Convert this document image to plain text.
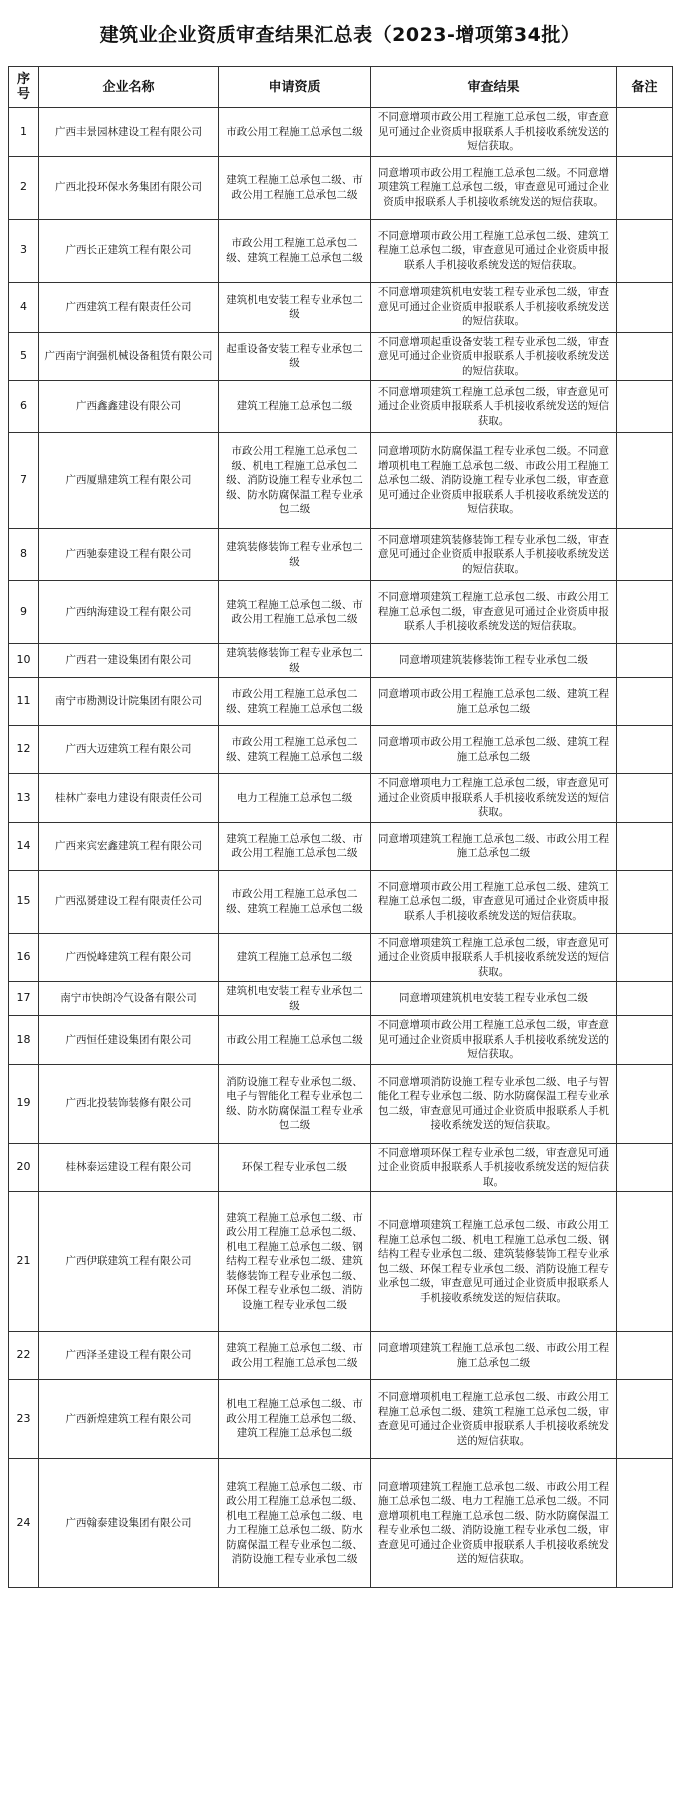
建筑业企业资质审查结果汇总表（2023-增项第34批）
序号	企业名称	申请资质	审查结果	备注
1	广西丰景园林建设工程有限公司	市政公用工程施工总承包二级	不同意增项市政公用工程施工总承包二级，审查意见可通过企业资质申报联系人手机接收系统发送的短信获取。	
2	广西北投环保水务集团有限公司	建筑工程施工总承包二级、市政公用工程施工总承包二级	同意增项市政公用工程施工总承包二级。不同意增项建筑工程施工总承包二级，审查意见可通过企业资质申报联系人手机接收系统发送的短信获取。	
3	广西长正建筑工程有限公司	市政公用工程施工总承包二级、建筑工程施工总承包二级	不同意增项市政公用工程施工总承包二级、建筑工程施工总承包二级，审查意见可通过企业资质申报联系人手机接收系统发送的短信获取。	
4	广西建筑工程有限责任公司	建筑机电安装工程专业承包二级	不同意增项建筑机电安装工程专业承包二级，审查意见可通过企业资质申报联系人手机接收系统发送的短信获取。	
5	广西南宁润强机械设备租赁有限公司	起重设备安装工程专业承包二级	不同意增项起重设备安装工程专业承包二级，审查意见可通过企业资质申报联系人手机接收系统发送的短信获取。	
6	广西鑫鑫建设有限公司	建筑工程施工总承包二级	不同意增项建筑工程施工总承包二级，审查意见可通过企业资质申报联系人手机接收系统发送的短信获取。	
7	广西厦鼎建筑工程有限公司	市政公用工程施工总承包二级、机电工程施工总承包二级、消防设施工程专业承包二级、防水防腐保温工程专业承包二级	同意增项防水防腐保温工程专业承包二级。不同意增项机电工程施工总承包二级、市政公用工程施工总承包二级、消防设施工程专业承包二级，审查意见可通过企业资质申报联系人手机接收系统发送的短信获取。	
8	广西驰泰建设工程有限公司	建筑装修装饰工程专业承包二级	不同意增项建筑装修装饰工程专业承包二级，审查意见可通过企业资质申报联系人手机接收系统发送的短信获取。	
9	广西纳海建设工程有限公司	建筑工程施工总承包二级、市政公用工程施工总承包二级	不同意增项建筑工程施工总承包二级、市政公用工程施工总承包二级，审查意见可通过企业资质申报联系人手机接收系统发送的短信获取。	
10	广西君一建设集团有限公司	建筑装修装饰工程专业承包二级	同意增项建筑装修装饰工程专业承包二级	
11	南宁市勘测设计院集团有限公司	市政公用工程施工总承包二级、建筑工程施工总承包二级	同意增项市政公用工程施工总承包二级、建筑工程施工总承包二级	
12	广西大迈建筑工程有限公司	市政公用工程施工总承包二级、建筑工程施工总承包二级	同意增项市政公用工程施工总承包二级、建筑工程施工总承包二级	
13	桂林广泰电力建设有限责任公司	电力工程施工总承包二级	不同意增项电力工程施工总承包二级，审查意见可通过企业资质申报联系人手机接收系统发送的短信获取。	
14	广西来宾宏鑫建筑工程有限公司	建筑工程施工总承包二级、市政公用工程施工总承包二级	同意增项建筑工程施工总承包二级、市政公用工程施工总承包二级	
15	广西泓赟建设工程有限责任公司	市政公用工程施工总承包二级、建筑工程施工总承包二级	不同意增项市政公用工程施工总承包二级、建筑工程施工总承包二级，审查意见可通过企业资质申报联系人手机接收系统发送的短信获取。	
16	广西悦峰建筑工程有限公司	建筑工程施工总承包二级	不同意增项建筑工程施工总承包二级，审查意见可通过企业资质申报联系人手机接收系统发送的短信获取。	
17	南宁市快朗冷气设备有限公司	建筑机电安装工程专业承包二级	同意增项建筑机电安装工程专业承包二级	
18	广西恒任建设集团有限公司	市政公用工程施工总承包二级	不同意增项市政公用工程施工总承包二级，审查意见可通过企业资质申报联系人手机接收系统发送的短信获取。	
19	广西北投装饰装修有限公司	消防设施工程专业承包二级、电子与智能化工程专业承包二级、防水防腐保温工程专业承包二级	不同意增项消防设施工程专业承包二级、电子与智能化工程专业承包二级、防水防腐保温工程专业承包二级，审查意见可通过企业资质申报联系人手机接收系统发送的短信获取。	
20	桂林泰运建设工程有限公司	环保工程专业承包二级	不同意增项环保工程专业承包二级，审查意见可通过企业资质申报联系人手机接收系统发送的短信获取。	
21	广西伊联建筑工程有限公司	建筑工程施工总承包二级、市政公用工程施工总承包二级、机电工程施工总承包二级、钢结构工程专业承包二级、建筑装修装饰工程专业承包二级、环保工程专业承包二级、消防设施工程专业承包二级	不同意增项建筑工程施工总承包二级、市政公用工程施工总承包二级、机电工程施工总承包二级、钢结构工程专业承包二级、建筑装修装饰工程专业承包二级、环保工程专业承包二级、消防设施工程专业承包二级，审查意见可通过企业资质申报联系人手机接收系统发送的短信获取。	
22	广西泽圣建设工程有限公司	建筑工程施工总承包二级、市政公用工程施工总承包二级	同意增项建筑工程施工总承包二级、市政公用工程施工总承包二级	
23	广西新煌建筑工程有限公司	机电工程施工总承包二级、市政公用工程施工总承包二级、建筑工程施工总承包二级	不同意增项机电工程施工总承包二级、市政公用工程施工总承包二级、建筑工程施工总承包二级，审查意见可通过企业资质申报联系人手机接收系统发送的短信获取。	
24	广西翰泰建设集团有限公司	建筑工程施工总承包二级、市政公用工程施工总承包二级、机电工程施工总承包二级、电力工程施工总承包二级、防水防腐保温工程专业承包二级、消防设施工程专业承包二级	同意增项建筑工程施工总承包二级、市政公用工程施工总承包二级、电力工程施工总承包二级。不同意增项机电工程施工总承包二级、防水防腐保温工程专业承包二级、消防设施工程专业承包二级，审查意见可通过企业资质申报联系人手机接收系统发送的短信获取。	
